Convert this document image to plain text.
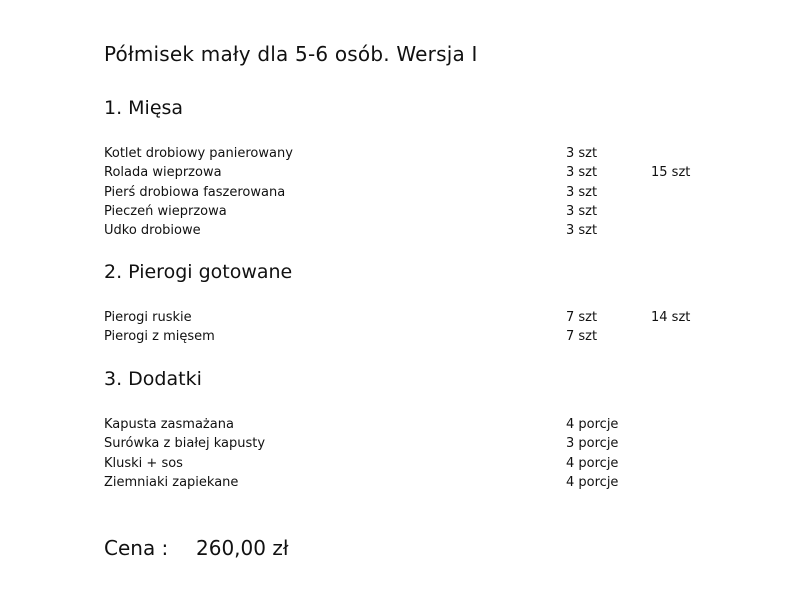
Półmisek mały dla 5-6 osób. Wersja I
1. Mięsa
Kotlet drobiowy panierowany	3 szt
Rolada wieprzowa	3 szt	15 szt
Pierś drobiowa faszerowana	3 szt
Pieczeń wieprzowa	3 szt
Udko drobiowe	3 szt
2. Pierogi gotowane
Pierogi ruskie	7 szt	14 szt
Pierogi z mięsem	7 szt
3. Dodatki
Kapusta zasmażana	4 porcje
Surówka z białej kapusty	3 porcje
Kluski + sos	4 porcje
Ziemniaki zapiekane	4 porcje
Cena : 260,00 zł
